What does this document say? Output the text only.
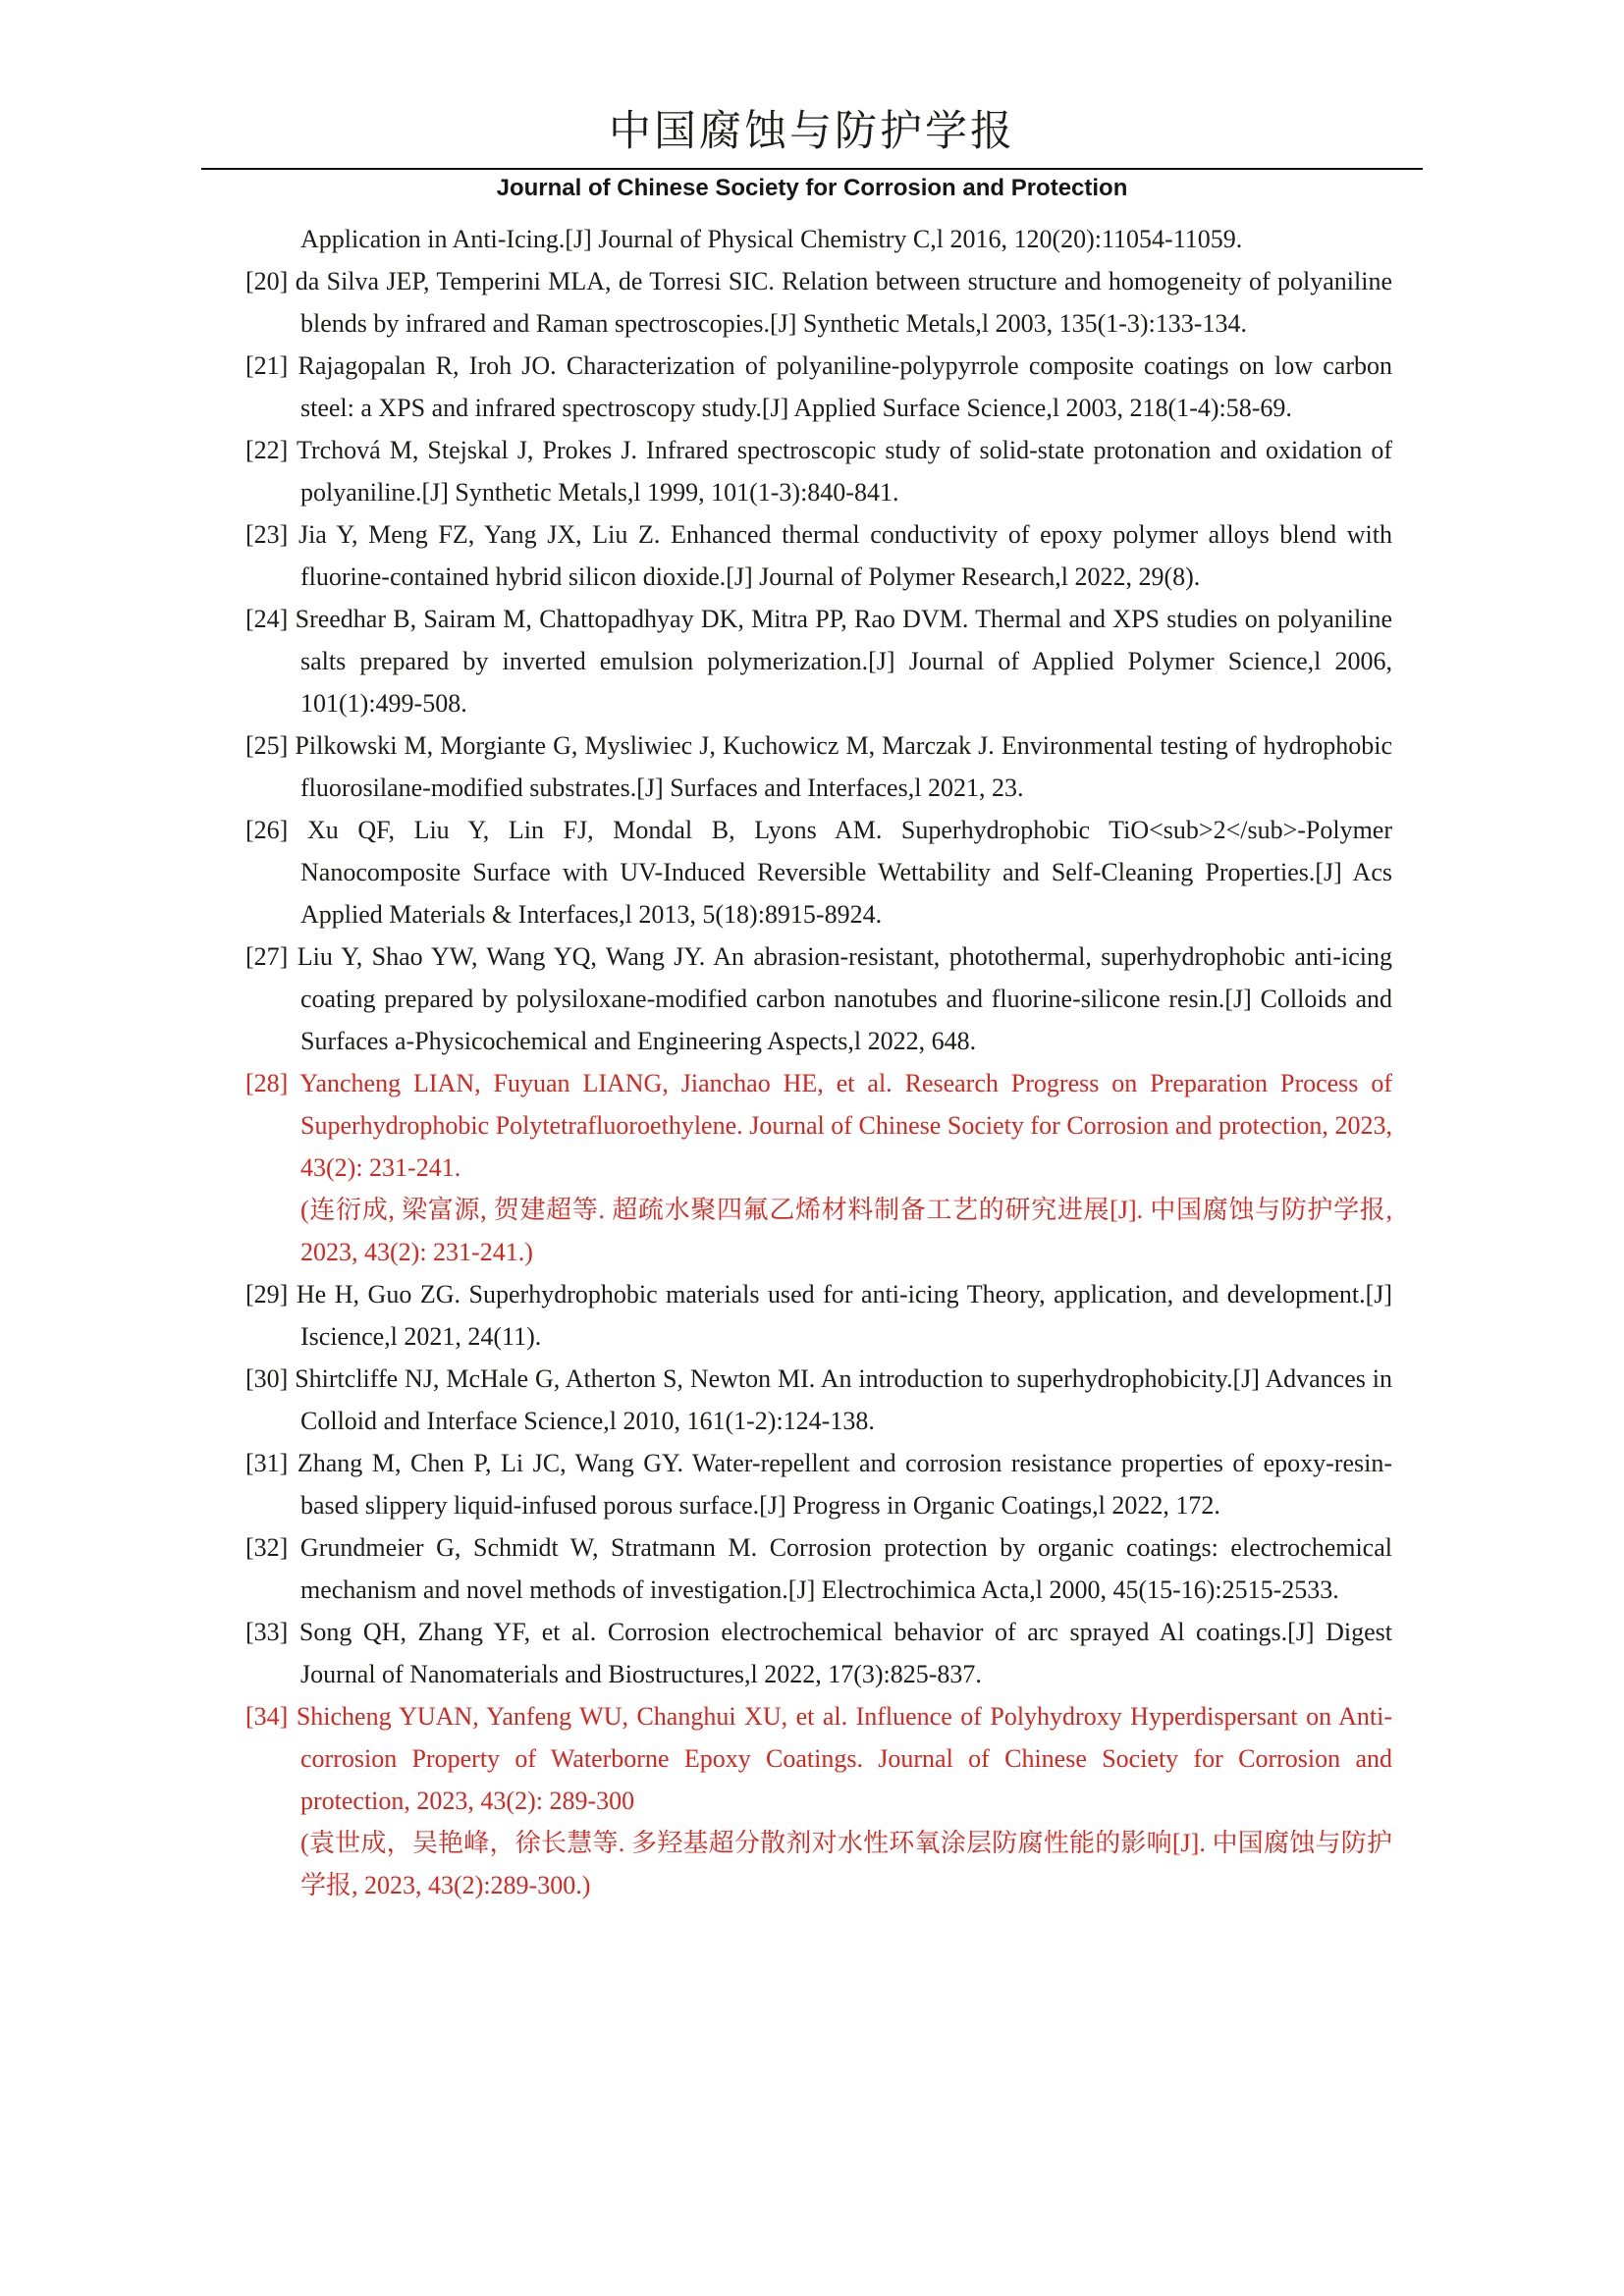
中国腐蚀与防护学报
Journal of Chinese Society for Corrosion and Protection

Application in Anti-Icing.[J] Journal of Physical Chemistry C,l 2016, 120(20):11054-11059.

[20] da Silva JEP, Temperini MLA, de Torresi SIC. Relation between structure and homogeneity of polyaniline blends by infrared and Raman spectroscopies.[J] Synthetic Metals,l 2003, 135(1-3):133-134.

[21] Rajagopalan R, Iroh JO. Characterization of polyaniline-polypyrrole composite coatings on low carbon steel: a XPS and infrared spectroscopy study.[J] Applied Surface Science,l 2003, 218(1-4):58-69.

[22] Trchová M, Stejskal J, Prokes J. Infrared spectroscopic study of solid-state protonation and oxidation of polyaniline.[J] Synthetic Metals,l 1999, 101(1-3):840-841.

[23] Jia Y, Meng FZ, Yang JX, Liu Z. Enhanced thermal conductivity of epoxy polymer alloys blend with fluorine-contained hybrid silicon dioxide.[J] Journal of Polymer Research,l 2022, 29(8).

[24] Sreedhar B, Sairam M, Chattopadhyay DK, Mitra PP, Rao DVM. Thermal and XPS studies on polyaniline salts prepared by inverted emulsion polymerization.[J] Journal of Applied Polymer Science,l 2006, 101(1):499-508.

[25] Pilkowski M, Morgiante G, Mysliwiec J, Kuchowicz M, Marczak J. Environmental testing of hydrophobic fluorosilane-modified substrates.[J] Surfaces and Interfaces,l 2021, 23.

[26] Xu QF, Liu Y, Lin FJ, Mondal B, Lyons AM. Superhydrophobic TiO<sub>2</sub>-Polymer Nanocomposite Surface with UV-Induced Reversible Wettability and Self-Cleaning Properties.[J] Acs Applied Materials & Interfaces,l 2013, 5(18):8915-8924.

[27] Liu Y, Shao YW, Wang YQ, Wang JY. An abrasion-resistant, photothermal, superhydrophobic anti-icing coating prepared by polysiloxane-modified carbon nanotubes and fluorine-silicone resin.[J] Colloids and Surfaces a-Physicochemical and Engineering Aspects,l 2022, 648.

[28] Yancheng LIAN, Fuyuan LIANG, Jianchao HE, et al. Research Progress on Preparation Process of Superhydrophobic Polytetrafluoroethylene. Journal of Chinese Society for Corrosion and protection, 2023, 43(2): 231-241.
(连衍成, 梁富源, 贺建超等. 超疏水聚四氟乙烯材料制备工艺的研究进展[J]. 中国腐蚀与防护学报, 2023, 43(2): 231-241.)

[29] He H, Guo ZG. Superhydrophobic materials used for anti-icing Theory, application, and development.[J] Iscience,l 2021, 24(11).

[30] Shirtcliffe NJ, McHale G, Atherton S, Newton MI. An introduction to superhydrophobicity.[J] Advances in Colloid and Interface Science,l 2010, 161(1-2):124-138.

[31] Zhang M, Chen P, Li JC, Wang GY. Water-repellent and corrosion resistance properties of epoxy-resin-based slippery liquid-infused porous surface.[J] Progress in Organic Coatings,l 2022, 172.

[32] Grundmeier G, Schmidt W, Stratmann M. Corrosion protection by organic coatings: electrochemical mechanism and novel methods of investigation.[J] Electrochimica Acta,l 2000, 45(15-16):2515-2533.

[33] Song QH, Zhang YF, et al. Corrosion electrochemical behavior of arc sprayed Al coatings.[J] Digest Journal of Nanomaterials and Biostructures,l 2022, 17(3):825-837.

[34] Shicheng YUAN, Yanfeng WU, Changhui XU, et al. Influence of Polyhydroxy Hyperdispersant on Anti-corrosion Property of Waterborne Epoxy Coatings. Journal of Chinese Society for Corrosion and protection, 2023, 43(2): 289-300
(袁世成，吴艳峰，徐长慧等. 多羟基超分散剂对水性环氧涂层防腐性能的影响[J]. 中国腐蚀与防护学报, 2023, 43(2):289-300.)
